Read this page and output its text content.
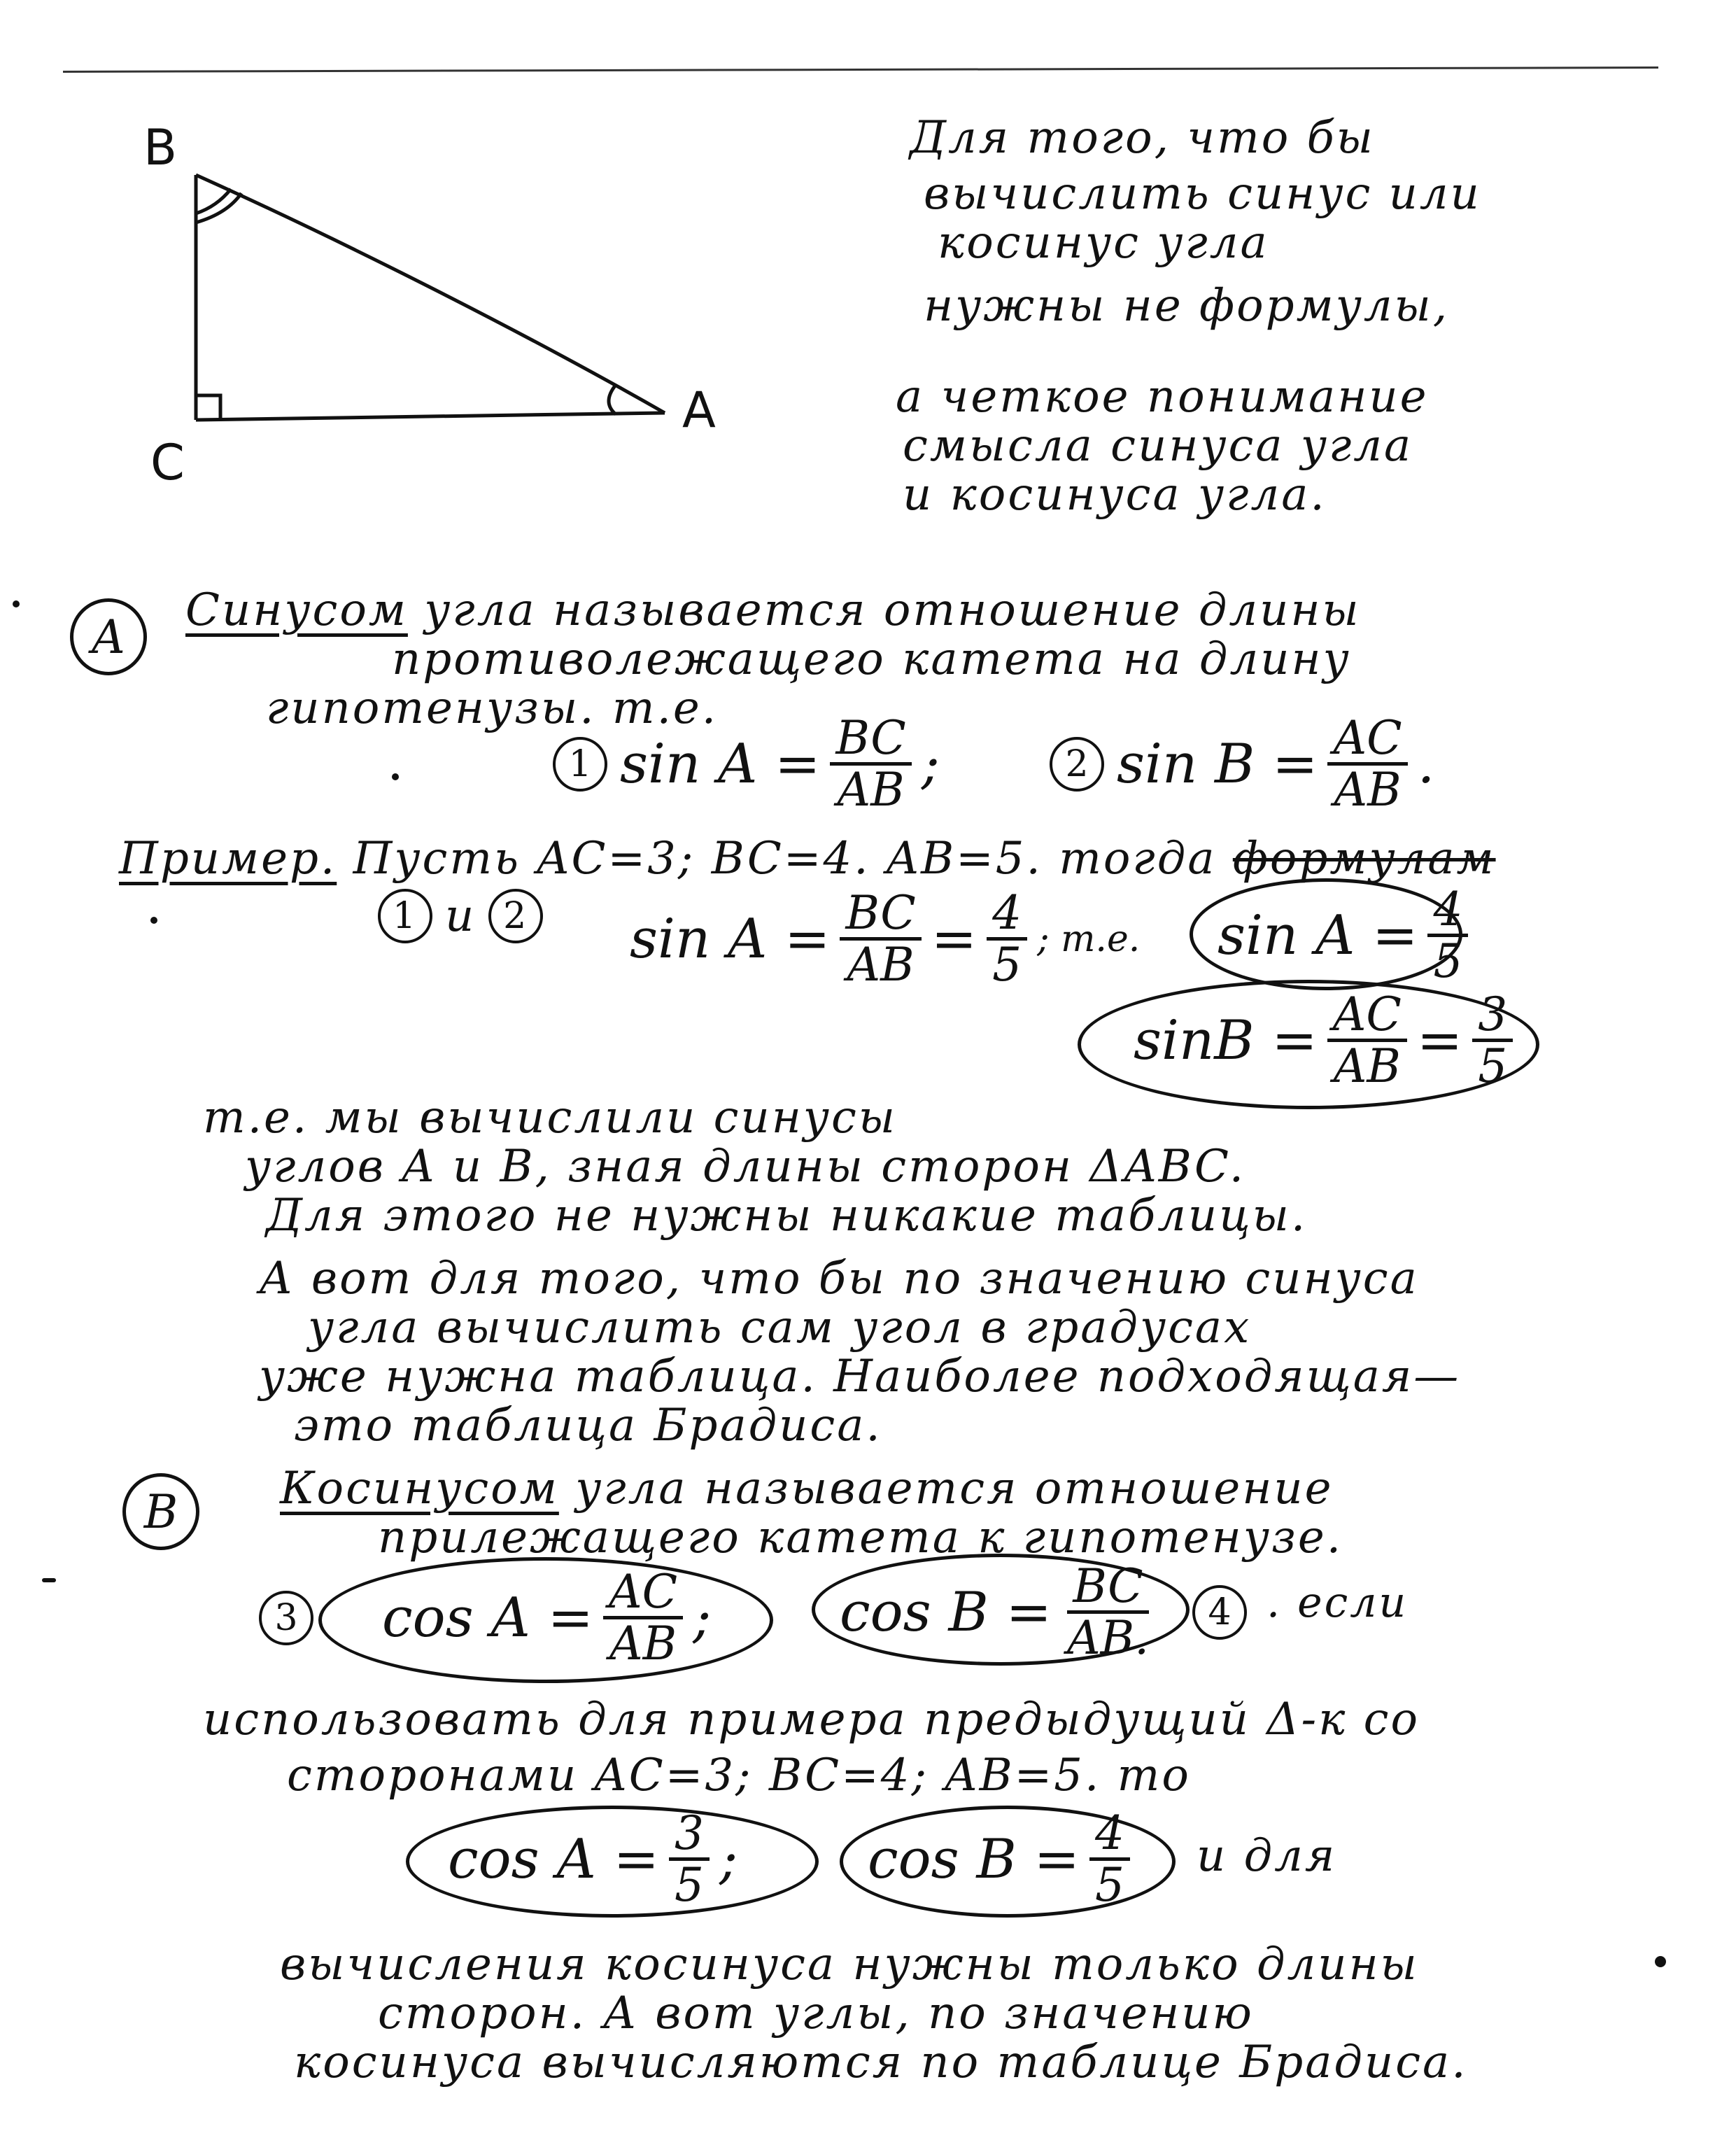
B
C
A
Для того, что бы
вычислить синус или
косинус угла
нужны не формулы,
а четкое понимание
смысла синуса угла
и косинуса угла.
A	Синусом угла называется отношение длины
противолежащего катета на длину
гипотенузы. т.е.
1 $\sin A = \frac{BC}{AB}$ ;	2 $\sin B = \frac{AC}{AB}$ .
Пример. Пусть AC=3; BC=4. AB=5. тогда формулам
1 и 2 $\sin A = \frac{BC}{AB} = \frac{4}{5}$ ; т.е. $\sin A = \frac{4}{5}$
$\sin B = \frac{AC}{AB} = \frac{3}{5}$
т.е. мы вычислили синусы
углов A и B, зная длины сторон ΔABC.
Для этого не нужны никакие таблицы.
А вот для того, что бы по значению синуса
угла вычислить сам угол в градусах
уже нужна таблица. Наиболее подходящая—
это таблица Брадиса.
B	Косинусом угла называется отношение
прилежащего катета к гипотенузе.
3 $\cos A = \frac{AC}{AB}$ ; $\cos B = \frac{BC}{AB.}$	4 . если
использовать для примера предыдущий Δ-к со
сторонами AC=3; BC=4; AB=5. то
$\cos A = \frac{3}{5}$ ; $\cos B = \frac{4}{5}$ и для
вычисления косинуса нужны только длины
сторон. А вот углы, по значению
косинуса вычисляются по таблице Брадиса.
